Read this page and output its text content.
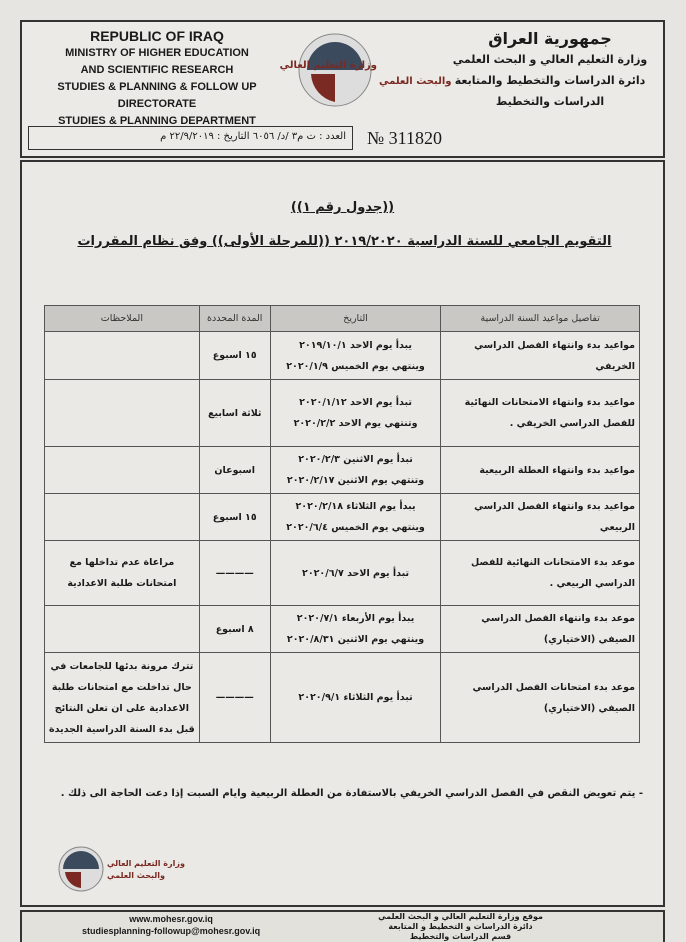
REPUBLIC OF IRAQ
MINISTRY OF HIGHER EDUCATION
AND SCIENTIFIC RESEARCH
STUDIES & PLANNING & FOLLOW UP DIRECTORATE
STUDIES & PLANNING DEPARTMENT
وزارة التعليم العالي
والبحث العلمي
جمهورية العراق
وزارة التعليم العالي و البحث العلمي
دائرة الدراسات والتخطيط والمتابعة
الدراسات والتخطيط
العدد : ت م٣ /د/ ٦٠٥٦ التاريخ : ٢٢/٩/٢٠١٩ م	№ 311820
((جدول رقم ١))
التقويم الجامعي للسنة الدراسية ٢٠١٩/٢٠٢٠ ((للمرحلة الأولى)) وفق نظام المقررات
تفاصيل مواعيد السنة الدراسية	التاريخ	المدة المحددة	الملاحظات
مواعيد بدء وانتهاء الفصل الدراسي الخريفي	يبدأ يوم الاحد ٢٠١٩/١٠/١
وينتهي يوم الخميس ٢٠٢٠/١/٩	١٥ اسبوع	
مواعيد بدء وانتهاء الامتحانات النهائية للفصل الدراسي الخريفي .	تبدأ يوم الاحد ٢٠٢٠/١/١٢
وتنتهي يوم الاحد ٢٠٢٠/٢/٢	ثلاثة اسابيع	
مواعيد بدء وانتهاء العطلة الربيعية	تبدأ يوم الاثنين ٢٠٢٠/٢/٣
وتنتهي يوم الاثنين ٢٠٢٠/٢/١٧	اسبوعان	
مواعيد بدء وانتهاء الفصل الدراسي الربيعي	يبدأ يوم الثلاثاء ٢٠٢٠/٢/١٨
وينتهي يوم الخميس ٢٠٢٠/٦/٤	١٥ اسبوع	
موعد بدء الامتحانات النهائية للفصل الدراسي الربيعي .	تبدأ يوم الاحد ٢٠٢٠/٦/٧	————	مراعاة عدم تداخلها مع امتحانات طلبة الاعدادية
موعد بدء وانتهاء الفصل الدراسي الصيفي (الاختياري)	يبدأ يوم الأربعاء ٢٠٢٠/٧/١
وينتهي يوم الاثنين ٢٠٢٠/٨/٣١	٨ اسبوع	
موعد بدء امتحانات الفصل الدراسي الصيفي (الاختياري)	تبدأ يوم الثلاثاء ٢٠٢٠/٩/١	————	تترك مرونة بدئها للجامعات في حال تداخلت مع امتحانات طلبة الاعدادية على ان تعلن النتائج قبل بدء السنة الدراسية الجديدة
- يتم تعويض النقص في الفصل الدراسي الخريفي بالاستفادة من العطلة الربيعية وايام السبت إذا دعت الحاجة الى ذلك .
وزارة التعليم العالي
والبحث العلمي
www.mohesr.gov.iq
studiesplanning-followup@mohesr.gov.iq
موقع وزارة التعليم العالي و البحث العلمي
دائرة الدراسات و التخطيط و المتابعة
قسم الدراسات والتخطيط
